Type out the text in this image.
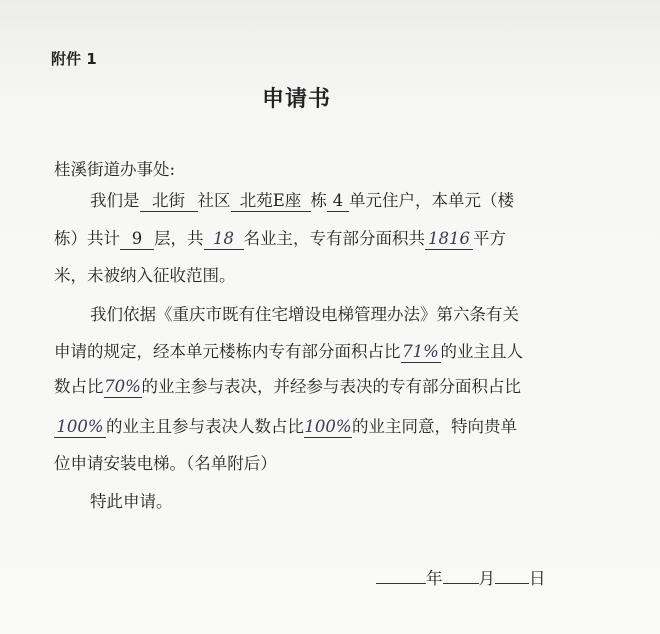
附件 1
申请书
桂溪街道办事处:
我们是 北街 社区 北苑E座 栋 4 单元住户，本单元（楼
栋）共计 9 层，共 18 名业主，专有部分面积共 1816 平方
米，未被纳入征收范围。
我们依据《重庆市既有住宅增设电梯管理办法》第六条有关
申请的规定，经本单元楼栋内专有部分面积占比 71% 的业主且人
数占比70%的业主参与表决，并经参与表决的专有部分面积占比
100% 的业主且参与表决人数占比100%的业主同意，特向贵单
位申请安装电梯。（名单附后）
特此申请。
年 月 日
